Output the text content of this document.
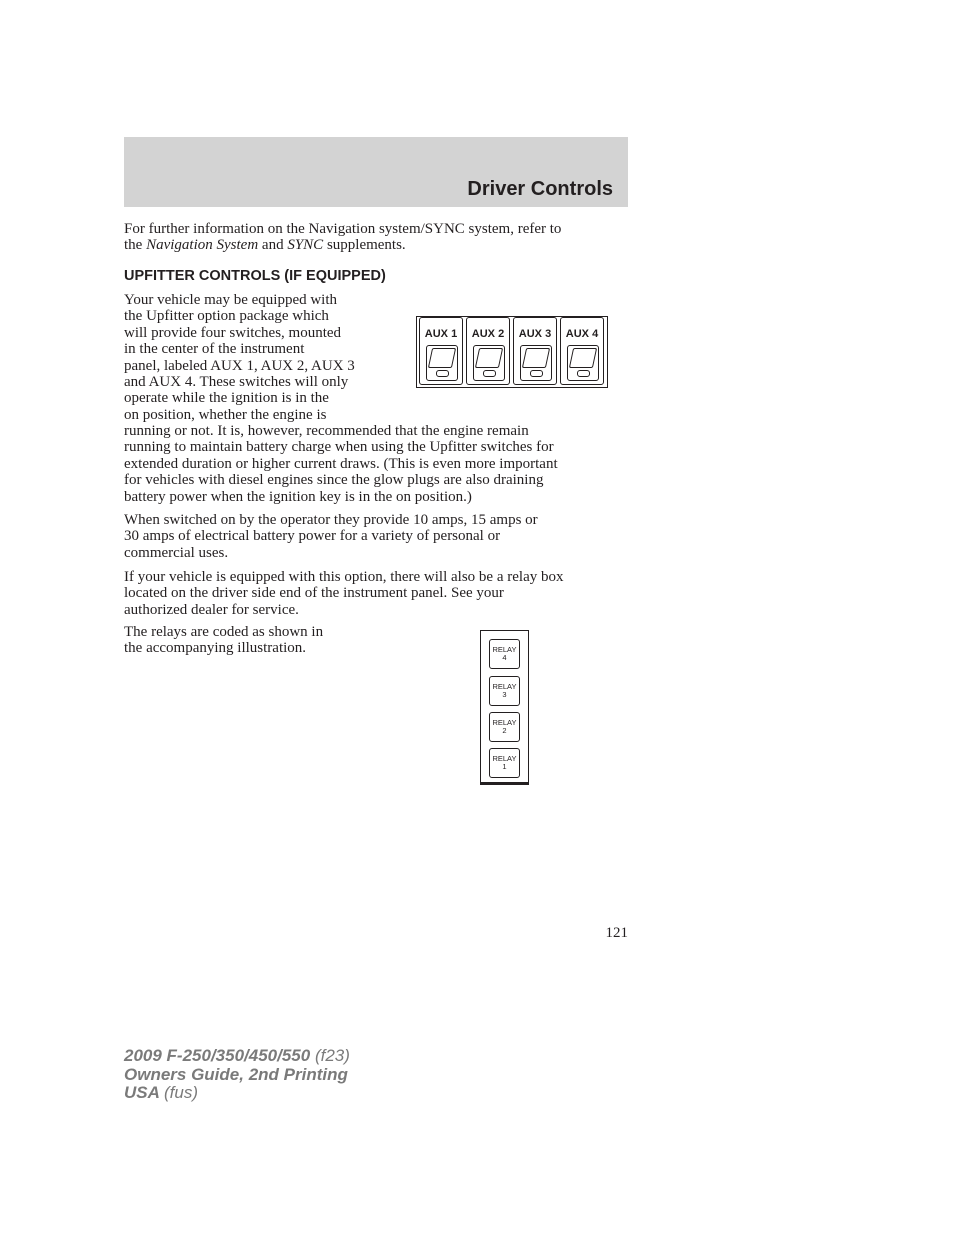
Driver Controls

For further information on the Navigation system/SYNC system, refer to
the Navigation System and SYNC supplements.

UPFITTER CONTROLS (IF EQUIPPED)

Your vehicle may be equipped with
the Upfitter option package which
will provide four switches, mounted
in the center of the instrument
panel, labeled AUX 1, AUX 2, AUX 3
and AUX 4. These switches will only
operate while the ignition is in the
on position, whether the engine is

running or not. It is, however, recommended that the engine remain
running to maintain battery charge when using the Upfitter switches for
extended duration or higher current draws. (This is even more important
for vehicles with diesel engines since the glow plugs are also draining
battery power when the ignition key is in the on position.)

AUX 1	AUX 2	AUX 3	AUX 4

When switched on by the operator they provide 10 amps, 15 amps or
30 amps of electrical battery power for a variety of personal or
commercial uses.

If your vehicle is equipped with this option, there will also be a relay box
located on the driver side end of the instrument panel. See your
authorized dealer for service.

The relays are coded as shown in
the accompanying illustration.	RELAY
4
RELAY
3
RELAY
2
RELAY
1
121
2009 F-250/350/450/550 (f23)
Owners Guide, 2nd Printing
USA (fus)
